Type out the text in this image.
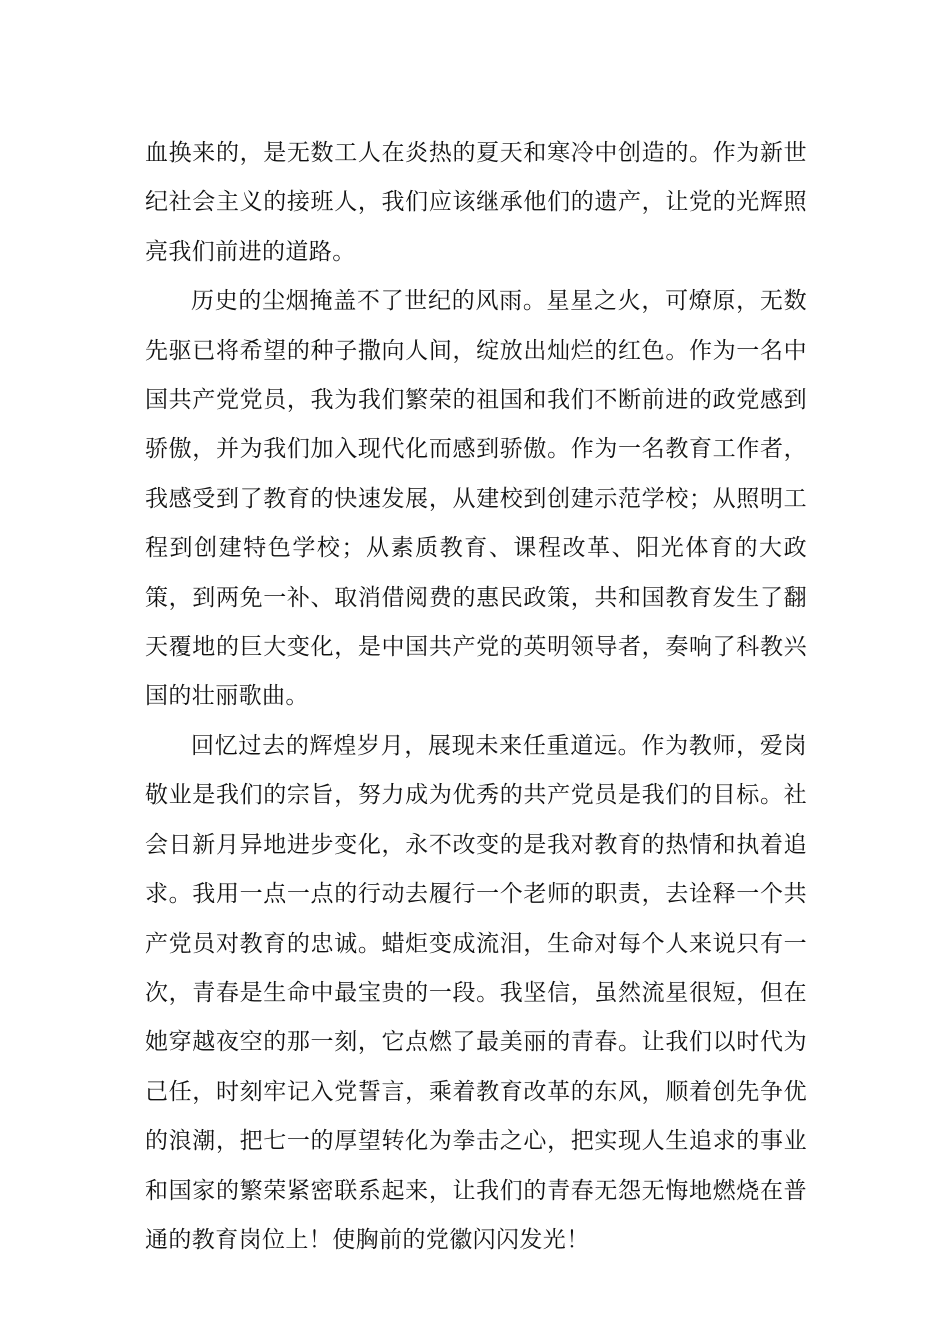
血换来的，是无数工人在炎热的夏天和寒冷中创造的。作为新世纪社会主义的接班人，我们应该继承他们的遗产，让党的光辉照亮我们前进的道路。

历史的尘烟掩盖不了世纪的风雨。星星之火，可燎原，无数先驱已将希望的种子撒向人间，绽放出灿烂的红色。作为一名中国共产党党员，我为我们繁荣的祖国和我们不断前进的政党感到骄傲，并为我们加入现代化而感到骄傲。作为一名教育工作者，我感受到了教育的快速发展，从建校到创建示范学校；从照明工程到创建特色学校；从素质教育、课程改革、阳光体育的大政策，到两免一补、取消借阅费的惠民政策，共和国教育发生了翻天覆地的巨大变化，是中国共产党的英明领导者，奏响了科教兴国的壮丽歌曲。

回忆过去的辉煌岁月，展现未来任重道远。作为教师，爱岗敬业是我们的宗旨，努力成为优秀的共产党员是我们的目标。社会日新月异地进步变化，永不改变的是我对教育的热情和执着追求。我用一点一点的行动去履行一个老师的职责，去诠释一个共产党员对教育的忠诚。蜡炬变成流泪，生命对每个人来说只有一次，青春是生命中最宝贵的一段。我坚信，虽然流星很短，但在她穿越夜空的那一刻，它点燃了最美丽的青春。让我们以时代为己任，时刻牢记入党誓言，乘着教育改革的东风，顺着创先争优的浪潮，把七一的厚望转化为拳击之心，把实现人生追求的事业和国家的繁荣紧密联系起来，让我们的青春无怨无悔地燃烧在普通的教育岗位上！使胸前的党徽闪闪发光！
